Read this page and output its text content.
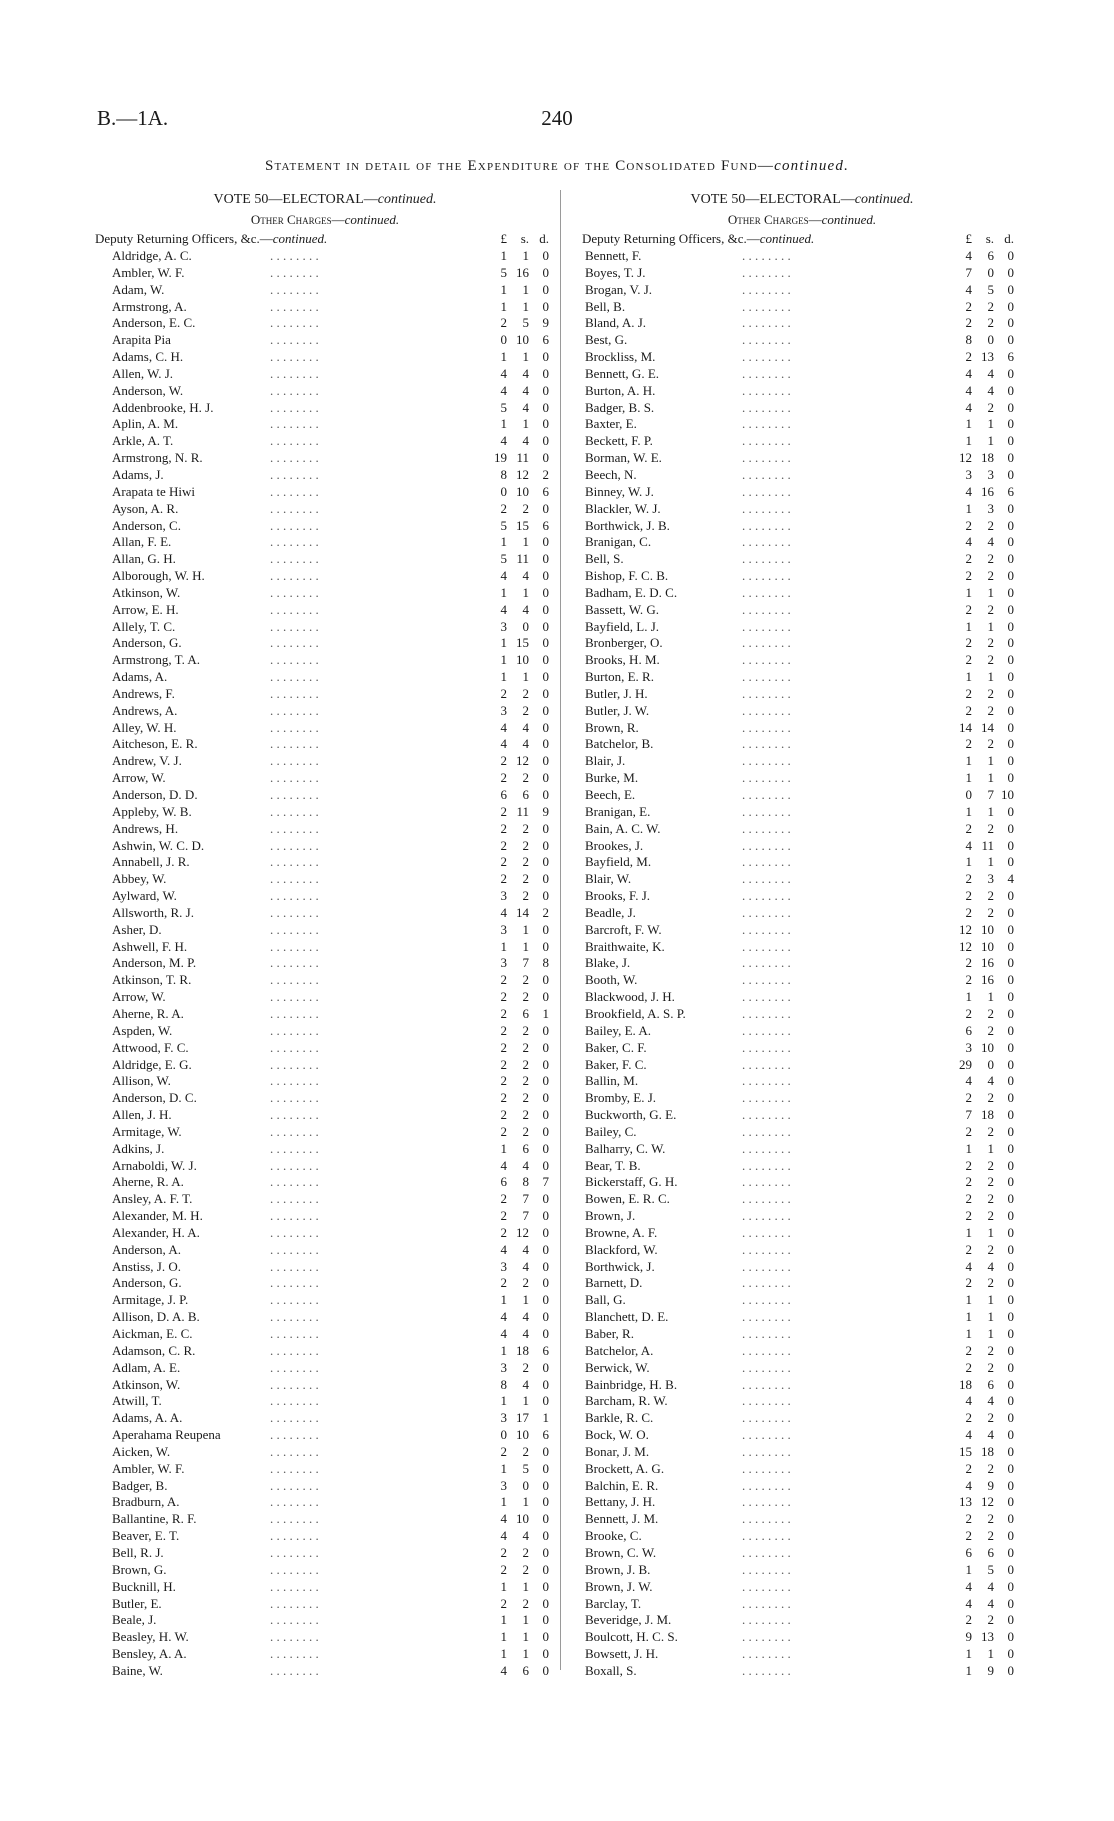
B.—1A.	240
Statement in detail of the Expenditure of the Consolidated Fund—continued.
VOTE 50—ELECTORAL—continued.
Other Charges—continued.
Deputy Returning Officers, &c.—continued.	£	s. d.
Aldridge, A. C.	. . . . . . . .	1	1	0
Ambler, W. F.	. . . . . . . .	5 16	0
Adam, W.	. . . . . . . .	1	1	0
Armstrong, A.	. . . . . . . .	1	1	0
Anderson, E. C.	. . . . . . . .	2	5	9
Arapita Pia	. . . . . . . .	0 10	6
Adams, C. H.	. . . . . . . .	1	1	0
Allen, W. J.	. . . . . . . .	4	4	0
Anderson, W.	. . . . . . . .	4	4	0
Addenbrooke, H. J.	. . . . . . . .	5	4	0
Aplin, A. M.	. . . . . . . .	1	1	0
Arkle, A. T.	. . . . . . . .	4	4	0
Armstrong, N. R.	. . . . . . . .	19 11	0
Adams, J.	. . . . . . . .	8 12	2
Arapata te Hiwi	. . . . . . . .	0 10	6
Ayson, A. R.	. . . . . . . .	2	2	0
Anderson, C.	. . . . . . . .	5 15	6
Allan, F. E.	. . . . . . . .	1	1	0
Allan, G. H.	. . . . . . . .	5 11	0
Alborough, W. H.	. . . . . . . .	4	4	0
Atkinson, W.	. . . . . . . .	1	1	0
Arrow, E. H.	. . . . . . . .	4	4	0
Allely, T. C.	. . . . . . . .	3	0	0
Anderson, G.	. . . . . . . .	1 15	0
Armstrong, T. A.	. . . . . . . .	1 10	0
Adams, A.	. . . . . . . .	1	1	0
Andrews, F.	. . . . . . . .	2	2	0
Andrews, A.	. . . . . . . .	3	2	0
Alley, W. H.	. . . . . . . .	4	4	0
Aitcheson, E. R.	. . . . . . . .	4	4	0
Andrew, V. J.	. . . . . . . .	2 12	0
Arrow, W.	. . . . . . . .	2	2	0
Anderson, D. D.	. . . . . . . .	6	6	0
Appleby, W. B.	. . . . . . . .	2 11	9
Andrews, H.	. . . . . . . .	2	2	0
Ashwin, W. C. D.	. . . . . . . .	2	2	0
Annabell, J. R.	. . . . . . . .	2	2	0
Abbey, W.	. . . . . . . .	2	2	0
Aylward, W.	. . . . . . . .	3	2	0
Allsworth, R. J.	. . . . . . . .	4 14	2
Asher, D.	. . . . . . . .	3	1	0
Ashwell, F. H.	. . . . . . . .	1	1	0
Anderson, M. P.	. . . . . . . .	3	7	8
Atkinson, T. R.	. . . . . . . .	2	2	0
Arrow, W.	. . . . . . . .	2	2	0
Aherne, R. A.	. . . . . . . .	2	6	1
Aspden, W.	. . . . . . . .	2	2	0
Attwood, F. C.	. . . . . . . .	2	2	0
Aldridge, E. G.	. . . . . . . .	2	2	0
Allison, W.	. . . . . . . .	2	2	0
Anderson, D. C.	. . . . . . . .	2	2	0
Allen, J. H.	. . . . . . . .	2	2	0
Armitage, W.	. . . . . . . .	2	2	0
Adkins, J.	. . . . . . . .	1	6	0
Arnaboldi, W. J.	. . . . . . . .	4	4	0
Aherne, R. A.	. . . . . . . .	6	8	7
Ansley, A. F. T.	. . . . . . . .	2	7	0
Alexander, M. H.	. . . . . . . .	2	7	0
Alexander, H. A.	. . . . . . . .	2 12	0
Anderson, A.	. . . . . . . .	4	4	0
Anstiss, J. O.	. . . . . . . .	3	4	0
Anderson, G.	. . . . . . . .	2	2	0
Armitage, J. P.	. . . . . . . .	1	1	0
Allison, D. A. B.	. . . . . . . .	4	4	0
Aickman, E. C.	. . . . . . . .	4	4	0
Adamson, C. R.	. . . . . . . .	1 18	6
Adlam, A. E.	. . . . . . . .	3	2	0
Atkinson, W.	. . . . . . . .	8	4	0
Atwill, T.	. . . . . . . .	1	1	0
Adams, A. A.	. . . . . . . .	3 17	1
Aperahama Reupena	. . . . . . . .	0 10	6
Aicken, W.	. . . . . . . .	2	2	0
Ambler, W. F.	. . . . . . . .	1	5	0
Badger, B.	. . . . . . . .	3	0	0
Bradburn, A.	. . . . . . . .	1	1	0
Ballantine, R. F.	. . . . . . . .	4 10	0
Beaver, E. T.	. . . . . . . .	4	4	0
Bell, R. J.	. . . . . . . .	2	2	0
Brown, G.	. . . . . . . .	2	2	0
Bucknill, H.	. . . . . . . .	1	1	0
Butler, E.	. . . . . . . .	2	2	0
Beale, J.	. . . . . . . .	1	1	0
Beasley, H. W.	. . . . . . . .	1	1	0
Bensley, A. A.	. . . . . . . .	1	1	0
Baine, W.	. . . . . . . .	4	6	0
VOTE 50—ELECTORAL—continued.
Other Charges—continued.
Deputy Returning Officers, &c.—continued.	£	s. d.
Bennett, F.	. . . . . . . .	4	6	0
Boyes, T. J.	. . . . . . . .	7	0	0
Brogan, V. J.	. . . . . . . .	4	5	0
Bell, B.	. . . . . . . .	2	2	0
Bland, A. J.	. . . . . . . .	2	2	0
Best, G.	. . . . . . . .	8	0	0
Brockliss, M.	. . . . . . . .	2 13	6
Bennett, G. E.	. . . . . . . .	4	4	0
Burton, A. H.	. . . . . . . .	4	4	0
Badger, B. S.	. . . . . . . .	4	2	0
Baxter, E.	. . . . . . . .	1	1	0
Beckett, F. P.	. . . . . . . .	1	1	0
Borman, W. E.	. . . . . . . .	12 18	0
Beech, N.	. . . . . . . .	3	3	0
Binney, W. J.	. . . . . . . .	4 16	6
Blackler, W. J.	. . . . . . . .	1	3	0
Borthwick, J. B.	. . . . . . . .	2	2	0
Branigan, C.	. . . . . . . .	4	4	0
Bell, S.	. . . . . . . .	2	2	0
Bishop, F. C. B.	. . . . . . . .	2	2	0
Badham, E. D. C.	. . . . . . . .	1	1	0
Bassett, W. G.	. . . . . . . .	2	2	0
Bayfield, L. J.	. . . . . . . .	1	1	0
Bronberger, O.	. . . . . . . .	2	2	0
Brooks, H. M.	. . . . . . . .	2	2	0
Burton, E. R.	. . . . . . . .	1	1	0
Butler, J. H.	. . . . . . . .	2	2	0
Butler, J. W.	. . . . . . . .	2	2	0
Brown, R.	. . . . . . . .	14 14	0
Batchelor, B.	. . . . . . . .	2	2	0
Blair, J.	. . . . . . . .	1	1	0
Burke, M.	. . . . . . . .	1	1	0
Beech, E.	. . . . . . . .	0	7 10
Branigan, E.	. . . . . . . .	1	1	0
Bain, A. C. W.	. . . . . . . .	2	2	0
Brookes, J.	. . . . . . . .	4 11	0
Bayfield, M.	. . . . . . . .	1	1	0
Blair, W.	. . . . . . . .	2	3	4
Brooks, F. J.	. . . . . . . .	2	2	0
Beadle, J.	. . . . . . . .	2	2	0
Barcroft, F. W.	. . . . . . . .	12 10	0
Braithwaite, K.	. . . . . . . .	12 10	0
Blake, J.	. . . . . . . .	2 16	0
Booth, W.	. . . . . . . .	2 16	0
Blackwood, J. H.	. . . . . . . .	1	1	0
Brookfield, A. S. P.	. . . . . . . .	2	2	0
Bailey, E. A.	. . . . . . . .	6	2	0
Baker, C. F.	. . . . . . . .	3 10	0
Baker, F. C.	. . . . . . . .	29	0	0
Ballin, M.	. . . . . . . .	4	4	0
Bromby, E. J.	. . . . . . . .	2	2	0
Buckworth, G. E.	. . . . . . . .	7 18	0
Bailey, C.	. . . . . . . .	2	2	0
Balharry, C. W.	. . . . . . . .	1	1	0
Bear, T. B.	. . . . . . . .	2	2	0
Bickerstaff, G. H.	. . . . . . . .	2	2	0
Bowen, E. R. C.	. . . . . . . .	2	2	0
Brown, J.	. . . . . . . .	2	2	0
Browne, A. F.	. . . . . . . .	1	1	0
Blackford, W.	. . . . . . . .	2	2	0
Borthwick, J.	. . . . . . . .	4	4	0
Barnett, D.	. . . . . . . .	2	2	0
Ball, G.	. . . . . . . .	1	1	0
Blanchett, D. E.	. . . . . . . .	1	1	0
Baber, R.	. . . . . . . .	1	1	0
Batchelor, A.	. . . . . . . .	2	2	0
Berwick, W.	. . . . . . . .	2	2	0
Bainbridge, H. B.	. . . . . . . .	18	6	0
Barcham, R. W.	. . . . . . . .	4	4	0
Barkle, R. C.	. . . . . . . .	2	2	0
Bock, W. O.	. . . . . . . .	4	4	0
Bonar, J. M.	. . . . . . . .	15 18	0
Brockett, A. G.	. . . . . . . .	2	2	0
Balchin, E. R.	. . . . . . . .	4	9	0
Bettany, J. H.	. . . . . . . .	13 12	0
Bennett, J. M.	. . . . . . . .	2	2	0
Brooke, C.	. . . . . . . .	2	2	0
Brown, C. W.	. . . . . . . .	6	6	0
Brown, J. B.	. . . . . . . .	1	5	0
Brown, J. W.	. . . . . . . .	4	4	0
Barclay, T.	. . . . . . . .	4	4	0
Beveridge, J. M.	. . . . . . . .	2	2	0
Boulcott, H. C. S.	. . . . . . . .	9 13	0
Bowsett, J. H.	. . . . . . . .	1	1	0
Boxall, S.	. . . . . . . .	1	9	0
